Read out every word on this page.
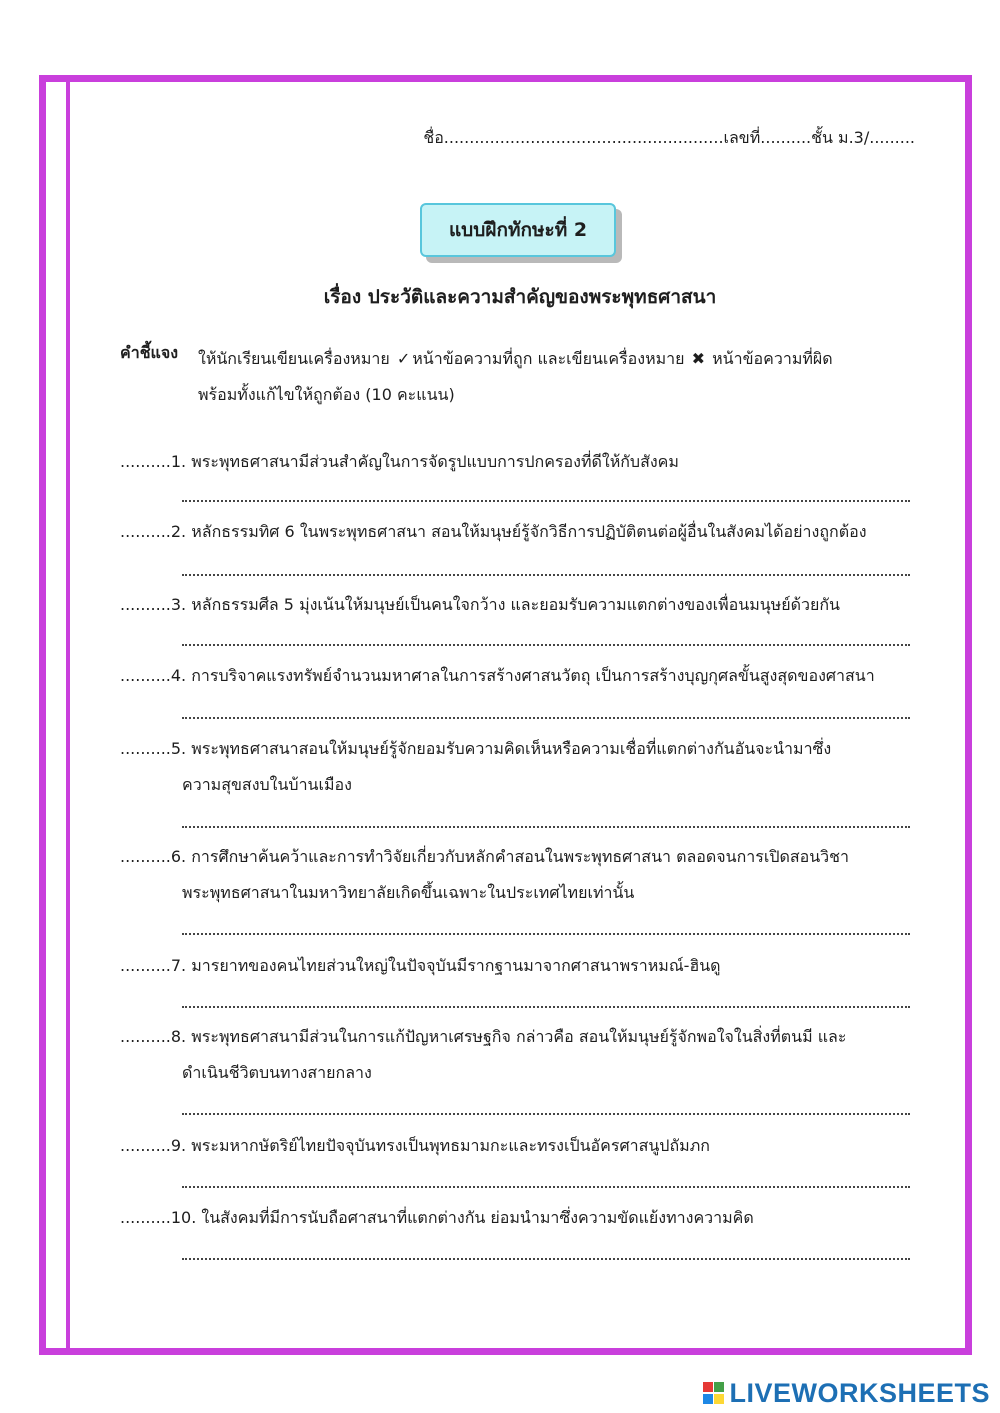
ชื่อ.......................................................เลขที่..........ชั้น ม.3/.........
แบบฝึกทักษะที่ 2
เรื่อง ประวัติและความสำคัญของพระพุทธศาสนา
คำชี้แจง ให้นักเรียนเขียนเครื่องหมาย ✓ หน้าข้อความที่ถูก และเขียนเครื่องหมาย ✖ หน้าข้อความที่ผิด
พร้อมทั้งแก้ไขให้ถูกต้อง (10 คะแนน)
..........1. พระพุทธศาสนามีส่วนสำคัญในการจัดรูปแบบการปกครองที่ดีให้กับสังคม
..........2. หลักธรรมทิศ 6 ในพระพุทธศาสนา สอนให้มนุษย์รู้จักวิธีการปฏิบัติตนต่อผู้อื่นในสังคมได้อย่างถูกต้อง
..........3. หลักธรรมศีล 5 มุ่งเน้นให้มนุษย์เป็นคนใจกว้าง และยอมรับความแตกต่างของเพื่อนมนุษย์ด้วยกัน
..........4. การบริจาคแรงทรัพย์จำนวนมหาศาลในการสร้างศาสนวัตถุ เป็นการสร้างบุญกุศลขั้นสูงสุดของศาสนา
..........5. พระพุทธศาสนาสอนให้มนุษย์รู้จักยอมรับความคิดเห็นหรือความเชื่อที่แตกต่างกันอันจะนำมาซึ่ง
ความสุขสงบในบ้านเมือง
..........6. การศึกษาค้นคว้าและการทำวิจัยเกี่ยวกับหลักคำสอนในพระพุทธศาสนา ตลอดจนการเปิดสอนวิชา
พระพุทธศาสนาในมหาวิทยาลัยเกิดขึ้นเฉพาะในประเทศไทยเท่านั้น
..........7. มารยาทของคนไทยส่วนใหญ่ในปัจจุบันมีรากฐานมาจากศาสนาพราหมณ์-ฮินดู
..........8. พระพุทธศาสนามีส่วนในการแก้ปัญหาเศรษฐกิจ กล่าวคือ สอนให้มนุษย์รู้จักพอใจในสิ่งที่ตนมี และ
ดำเนินชีวิตบนทางสายกลาง
..........9. พระมหากษัตริย์ไทยปัจจุบันทรงเป็นพุทธมามกะและทรงเป็นอัครศาสนูปถัมภก
..........10. ในสังคมที่มีการนับถือศาสนาที่แตกต่างกัน ย่อมนำมาซึ่งความขัดแย้งทางความคิด
LIVEWORKSHEETS
